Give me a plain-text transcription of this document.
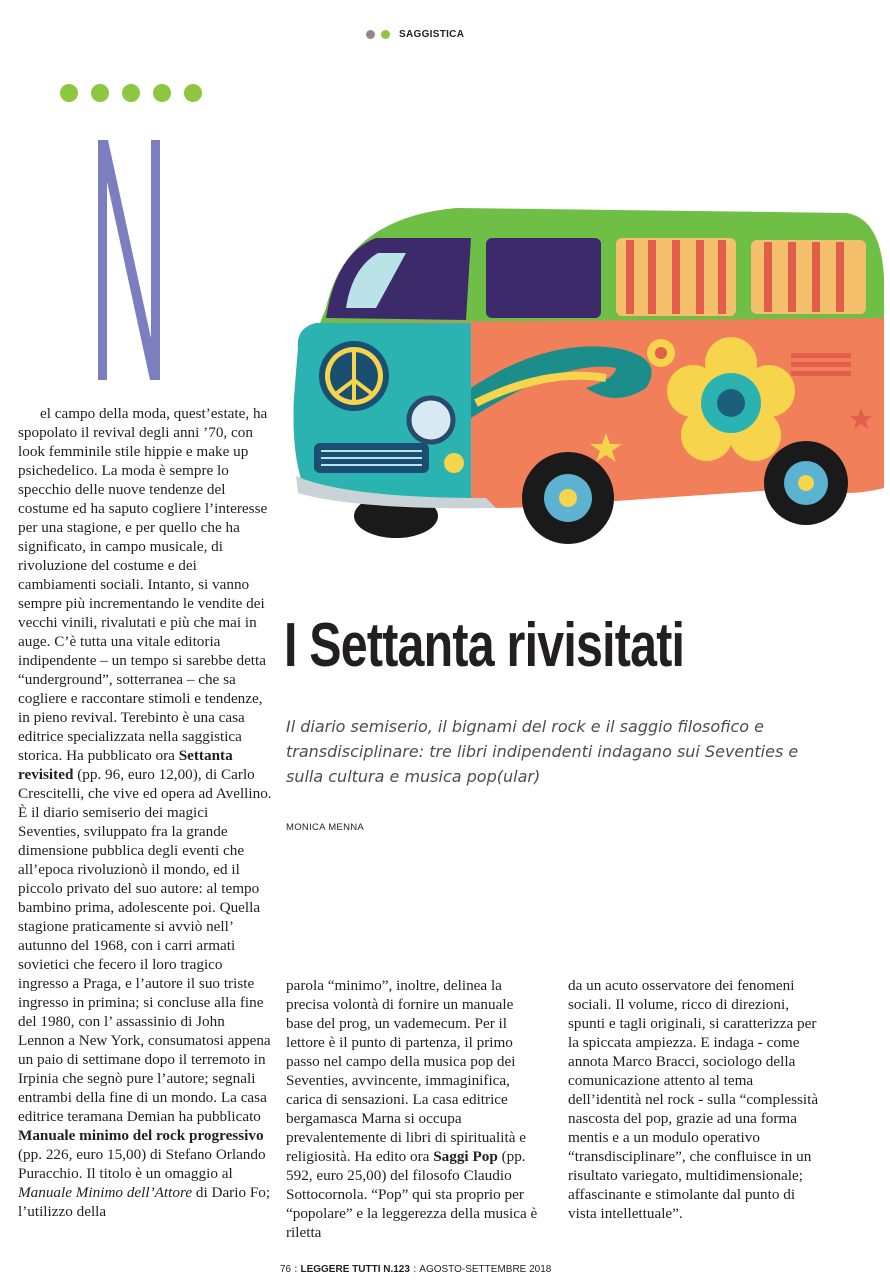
SAGGISTICA

el campo della moda, quest’estate, ha spopolato il revival degli anni ’70, con look femminile stile hippie e make up psichedelico. La moda è sempre lo specchio delle nuove tendenze del costume ed ha saputo cogliere l’interesse per una stagione, e per quello che ha significato, in campo musicale, di rivoluzione del costume e dei cambiamenti sociali. Intanto, si vanno sempre più incrementando le vendite dei vecchi vinili, rivalutati e più che mai in auge. C’è tutta una vitale editoria indipendente – un tempo si sarebbe detta “underground”, sotterranea – che sa cogliere e raccontare stimoli e tendenze, in pieno revival. Terebinto è una casa editrice specializzata nella saggistica storica. Ha pubblicato ora Settanta revisited (pp. 96, euro 12,00), di Carlo Crescitelli, che vive ed opera ad Avellino. È il diario semiserio dei magici Seventies, sviluppato fra la grande dimensione pubblica degli eventi che all’epoca rivoluzionò il mondo, ed il piccolo privato del suo autore: al tempo bambino prima, adolescente poi. Quella stagione praticamente si avviò nell’ autunno del 1968, con i carri armati sovietici che fecero il loro tragico ingresso a Praga, e l’autore il suo triste ingresso in primina; si concluse alla fine del 1980, con l’ assassinio di John Lennon a New York, consumatosi appena un paio di settimane dopo il terremoto in Irpinia che segnò pure l’autore; segnali entrambi della fine di un mondo. La casa editrice teramana Demian ha pubblicato Manuale minimo del rock progressivo (pp. 226, euro 15,00) di Stefano Orlando Puracchio. Il titolo è un omaggio al Manuale Minimo dell’Attore di Dario Fo; l’utilizzo della

I Settanta rivisitati
Il diario semiserio, il bignami del rock e il saggio filosofico e transdisciplinare: tre libri indipendenti indagano sui Seventies e sulla cultura e musica pop(ular)
MONICA MENNA

parola “minimo”, inoltre, delinea la precisa volontà di fornire un manuale base del prog, un vademecum. Per il lettore è il punto di partenza, il primo passo nel campo della musica pop dei Seventies, avvincente, immaginifica, carica di sensazioni. La casa editrice bergamasca Marna si occupa prevalentemente di libri di spiritualità e religiosità. Ha edito ora Saggi Pop (pp. 592, euro 25,00) del filosofo Claudio Sottocornola. “Pop” qui sta proprio per “popolare” e la leggerezza della musica è riletta

da un acuto osservatore dei fenomeni sociali. Il volume, ricco di direzioni, spunti e tagli originali, si caratterizza per la spiccata ampiezza. E indaga - come annota Marco Bracci, sociologo della comunicazione attento al tema dell’identità nel rock - sulla “complessità nascosta del pop, grazie ad una forma mentis e a un modulo operativo “transdisciplinare”, che confluisce in un risultato variegato, multidimensionale; affascinante e stimolante dal punto di vista intellettuale”.

76 : LEGGERE TUTTI N.123 : AGOSTO-SETTEMBRE 2018
